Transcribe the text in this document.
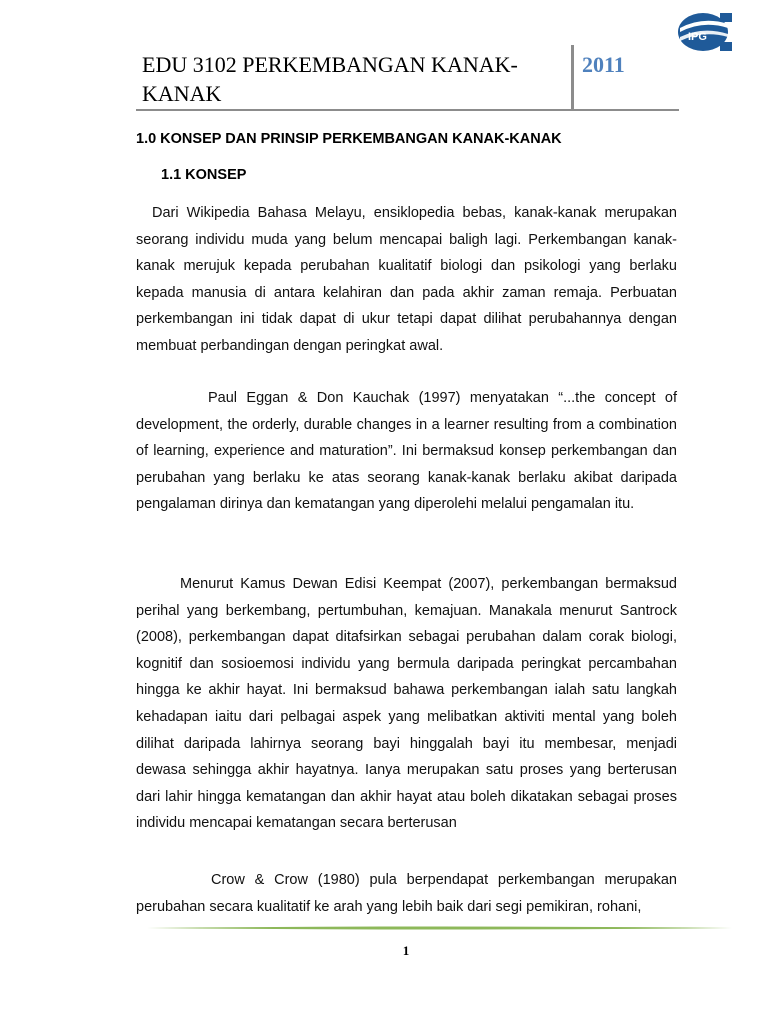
IPG
EDU 3102 PERKEMBANGAN KANAK-KANAK
2011
1.0 KONSEP DAN PRINSIP PERKEMBANGAN KANAK-KANAK
1.1 KONSEP

Dari Wikipedia Bahasa Melayu, ensiklopedia bebas, kanak-kanak merupakan seorang individu muda yang belum mencapai baligh lagi. Perkembangan kanak-kanak merujuk kepada perubahan kualitatif biologi dan psikologi yang berlaku kepada manusia di antara kelahiran dan pada akhir zaman remaja. Perbuatan perkembangan ini tidak dapat di ukur tetapi dapat dilihat perubahannya dengan membuat perbandingan dengan peringkat awal.

Paul Eggan & Don Kauchak (1997) menyatakan “...the concept of development, the orderly, durable changes in a learner resulting from a combination of learning, experience and maturation”. Ini bermaksud konsep perkembangan dan perubahan yang berlaku ke atas seorang kanak-kanak berlaku akibat daripada pengalaman dirinya dan kematangan yang diperolehi melalui pengamalan itu.

Menurut Kamus Dewan Edisi Keempat (2007), perkembangan bermaksud perihal yang berkembang, pertumbuhan, kemajuan. Manakala menurut Santrock (2008), perkembangan dapat ditafsirkan sebagai perubahan dalam corak biologi, kognitif dan sosioemosi individu yang bermula daripada peringkat percambahan hingga ke akhir hayat. Ini bermaksud bahawa perkembangan ialah satu langkah kehadapan iaitu dari pelbagai aspek yang melibatkan aktiviti mental yang boleh dilihat daripada lahirnya seorang bayi hinggalah bayi itu membesar, menjadi dewasa sehingga akhir hayatnya. Ianya merupakan satu proses yang berterusan dari lahir hingga kematangan dan akhir hayat atau boleh dikatakan sebagai proses individu mencapai kematangan secara berterusan

Crow & Crow (1980) pula berpendapat perkembangan merupakan perubahan secara kualitatif ke arah yang lebih baik dari segi pemikiran, rohani,

1
